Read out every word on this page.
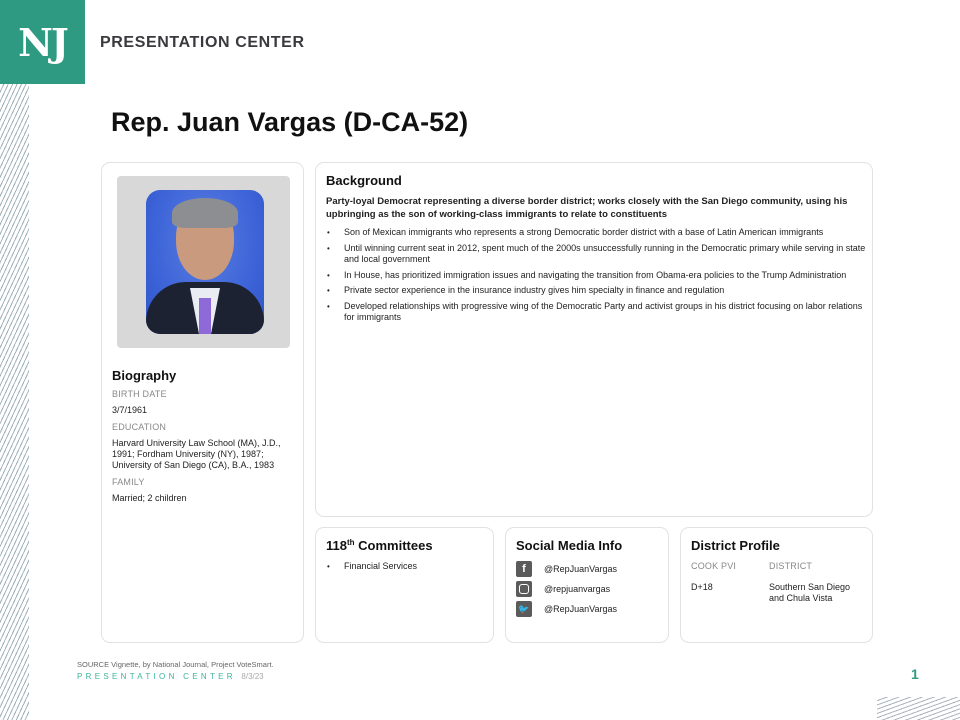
NJ PRESENTATION CENTER
Rep. Juan Vargas (D-CA-52)
Biography
BIRTH DATE
3/7/1961
EDUCATION
Harvard University Law School (MA), J.D., 1991; Fordham University (NY), 1987; University of San Diego (CA), B.A., 1983
FAMILY
Married; 2 children
Background

Party-loyal Democrat representing a diverse border district; works closely with the San Diego community, using his upbringing as the son of working-class immigrants to relate to constituents

• Son of Mexican immigrants who represents a strong Democratic border district with a base of Latin American immigrants
• Until winning current seat in 2012, spent much of the 2000s unsuccessfully running in the Democratic primary while serving in state and local government
• In House, has prioritized immigration issues and navigating the transition from Obama-era policies to the Trump Administration
• Private sector experience in the insurance industry gives him specialty in finance and regulation
• Developed relationships with progressive wing of the Democratic Party and activist groups in his district focusing on labor relations for immigrants
118th Committees
• Financial Services
Social Media Info
f	@RepJuanVargas
@repjuanvargas
🐦 @RepJuanVargas
District Profile
COOK PVI	DISTRICT
D+18	Southern San Diego and Chula Vista
SOURCE Vignette, by National Journal, Project VoteSmart.
PRESENTATION CENTER 8/3/23	1
